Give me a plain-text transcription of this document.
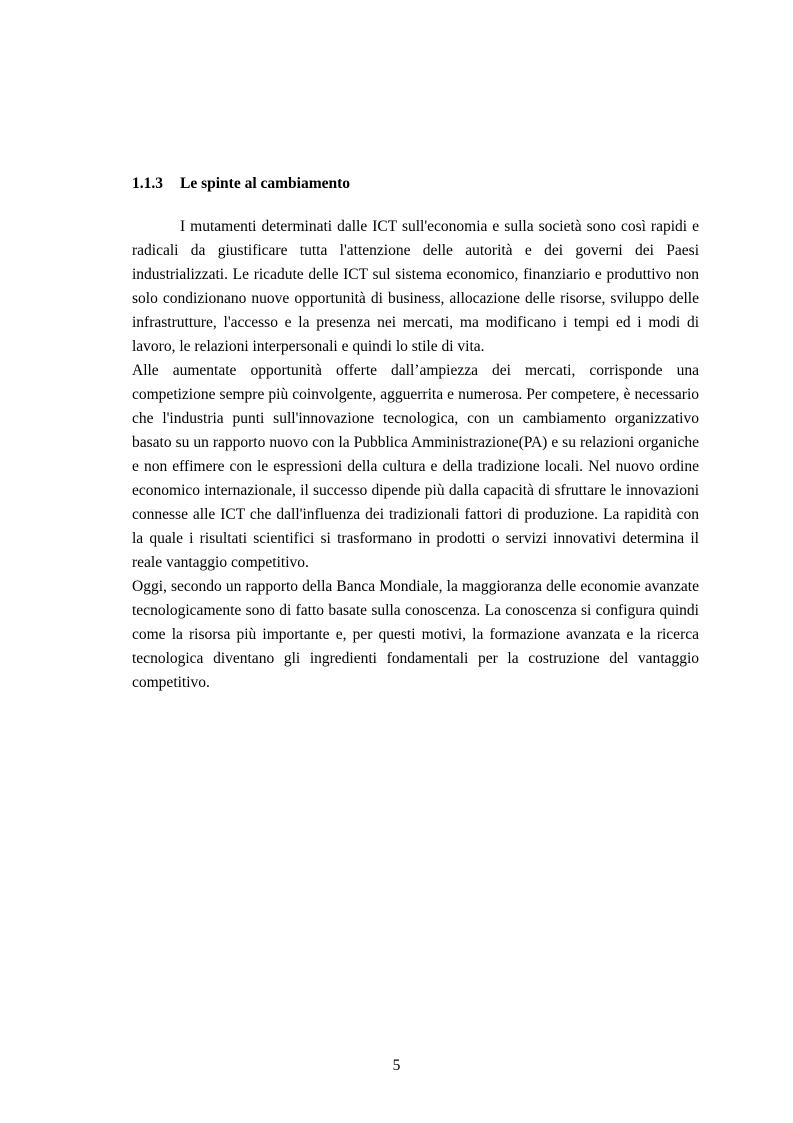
1.1.3 Le spinte al cambiamento

I mutamenti determinati dalle ICT sull'economia e sulla società sono così rapidi e radicali da giustificare tutta l'attenzione delle autorità e dei governi dei Paesi industrializzati. Le ricadute delle ICT sul sistema economico, finanziario e produttivo non solo condizionano nuove opportunità di business, allocazione delle risorse, sviluppo delle infrastrutture, l'accesso e la presenza nei mercati, ma modificano i tempi ed i modi di lavoro, le relazioni interpersonali e quindi lo stile di vita.

Alle aumentate opportunità offerte dall’ampiezza dei mercati, corrisponde una competizione sempre più coinvolgente, agguerrita e numerosa. Per competere, è necessario che l'industria punti sull'innovazione tecnologica, con un cambiamento organizzativo basato su un rapporto nuovo con la Pubblica Amministrazione(PA) e su relazioni organiche e non effimere con le espressioni della cultura e della tradizione locali. Nel nuovo ordine economico internazionale, il successo dipende più dalla capacità di sfruttare le innovazioni connesse alle ICT che dall'influenza dei tradizionali fattori di produzione. La rapidità con la quale i risultati scientifici si trasformano in prodotti o servizi innovativi determina il reale vantaggio competitivo.

Oggi, secondo un rapporto della Banca Mondiale, la maggioranza delle economie avanzate tecnologicamente sono di fatto basate sulla conoscenza. La conoscenza si configura quindi come la risorsa più importante e, per questi motivi, la formazione avanzata e la ricerca tecnologica diventano gli ingredienti fondamentali per la costruzione del vantaggio competitivo.

5
